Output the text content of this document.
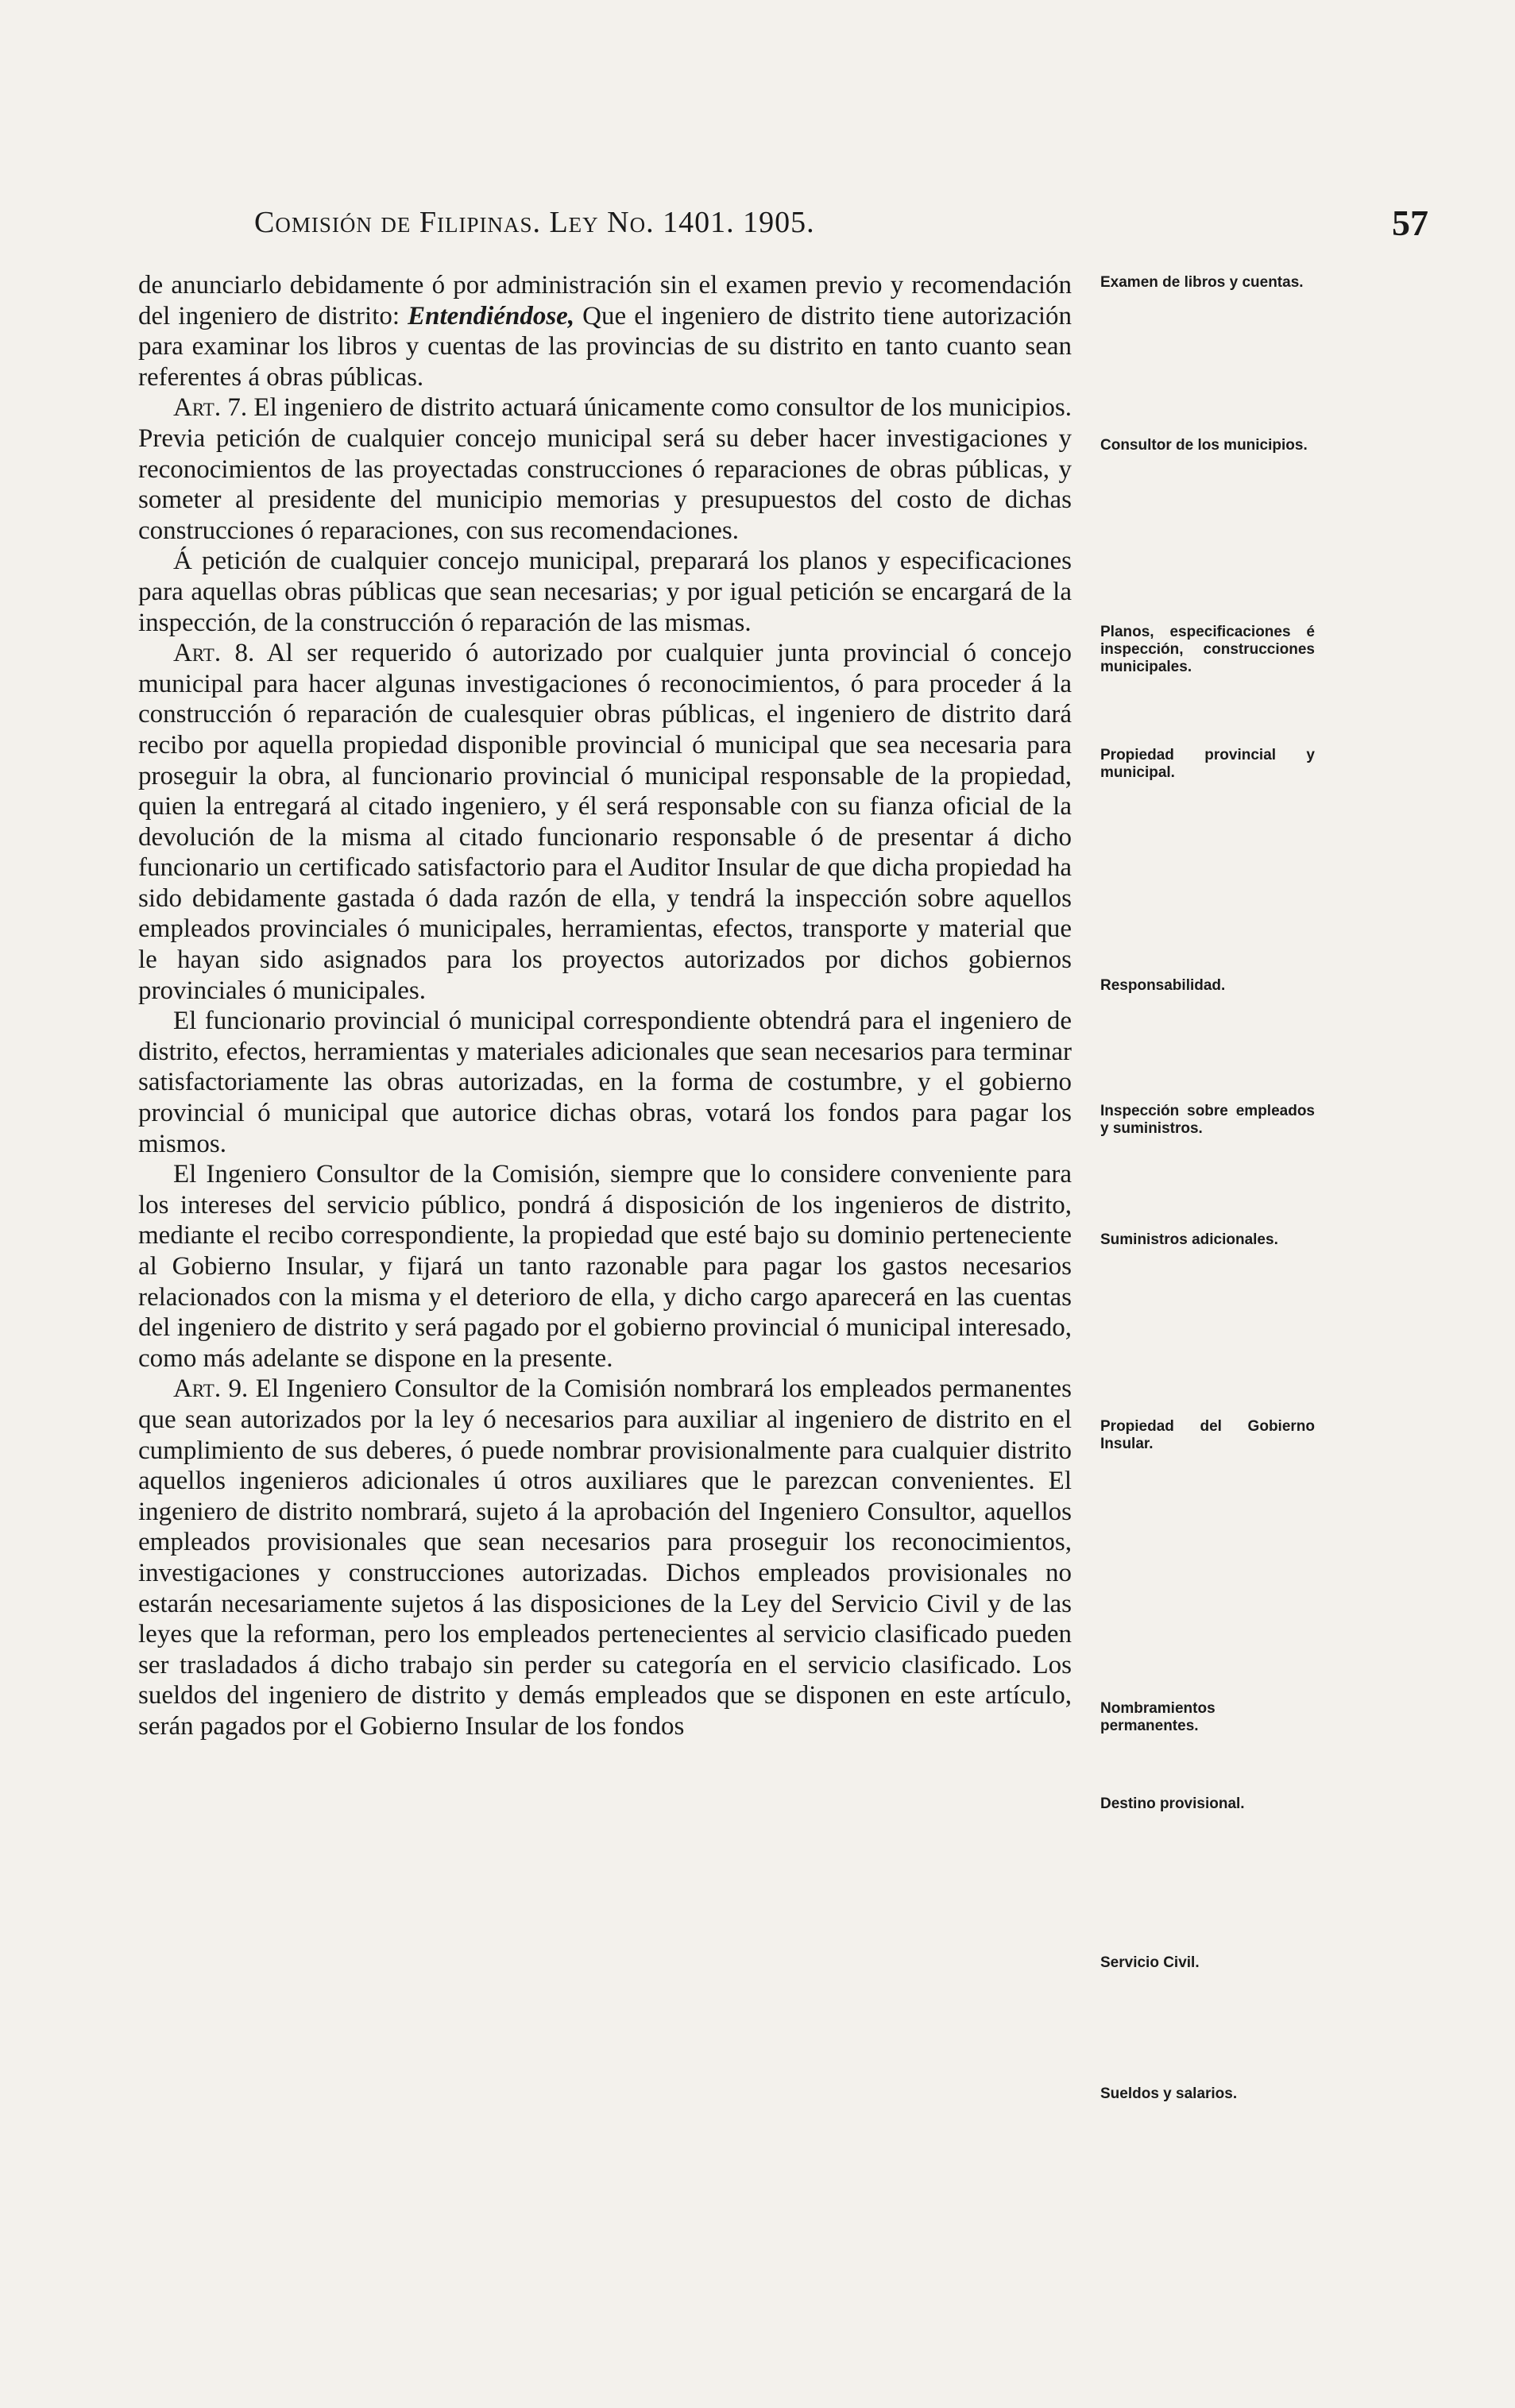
Comisión de Filipinas. Ley No. 1401. 1905.	57

de anunciarlo debidamente ó por administración sin el examen previo y recomendación del ingeniero de distrito: Entendiéndose, Que el ingeniero de distrito tiene autorización para examinar los libros y cuentas de las provincias de su distrito en tanto cuanto sean referentes á obras públicas.

Art. 7. El ingeniero de distrito actuará únicamente como consultor de los municipios. Previa petición de cualquier concejo municipal será su deber hacer investigaciones y reconocimientos de las proyectadas construcciones ó reparaciones de obras públicas, y someter al presidente del municipio memorias y presupuestos del costo de dichas construcciones ó reparaciones, con sus recomendaciones.

Á petición de cualquier concejo municipal, preparará los planos y especificaciones para aquellas obras públicas que sean necesarias; y por igual petición se encargará de la inspección, de la construcción ó reparación de las mismas.

Art. 8. Al ser requerido ó autorizado por cualquier junta provincial ó concejo municipal para hacer algunas investigaciones ó reconocimientos, ó para proceder á la construcción ó reparación de cualesquier obras públicas, el ingeniero de distrito dará recibo por aquella propiedad disponible provincial ó municipal que sea necesaria para proseguir la obra, al funcionario provincial ó municipal responsable de la propiedad, quien la entregará al citado ingeniero, y él será responsable con su fianza oficial de la devolución de la misma al citado funcionario responsable ó de presentar á dicho funcionario un certificado satisfactorio para el Auditor Insular de que dicha propiedad ha sido debidamente gastada ó dada razón de ella, y tendrá la inspección sobre aquellos empleados provinciales ó municipales, herramientas, efectos, transporte y material que le hayan sido asignados para los proyectos autorizados por dichos gobiernos provinciales ó municipales.

El funcionario provincial ó municipal correspondiente obtendrá para el ingeniero de distrito, efectos, herramientas y materiales adicionales que sean necesarios para terminar satisfactoriamente las obras autorizadas, en la forma de costumbre, y el gobierno provincial ó municipal que autorice dichas obras, votará los fondos para pagar los mismos.

El Ingeniero Consultor de la Comisión, siempre que lo considere conveniente para los intereses del servicio público, pondrá á disposición de los ingenieros de distrito, mediante el recibo correspondiente, la propiedad que esté bajo su dominio perteneciente al Gobierno Insular, y fijará un tanto razonable para pagar los gastos necesarios relacionados con la misma y el deterioro de ella, y dicho cargo aparecerá en las cuentas del ingeniero de distrito y será pagado por el gobierno provincial ó municipal interesado, como más adelante se dispone en la presente.

Art. 9. El Ingeniero Consultor de la Comisión nombrará los empleados permanentes que sean autorizados por la ley ó necesarios para auxiliar al ingeniero de distrito en el cumplimiento de sus deberes, ó puede nombrar provisionalmente para cualquier distrito aquellos ingenieros adicionales ú otros auxiliares que le parezcan convenientes. El ingeniero de distrito nombrará, sujeto á la aprobación del Ingeniero Consultor, aquellos empleados provisionales que sean necesarios para proseguir los reconocimientos, investigaciones y construcciones autorizadas. Dichos empleados provisionales no estarán necesariamente sujetos á las disposiciones de la Ley del Servicio Civil y de las leyes que la reforman, pero los empleados pertenecientes al servicio clasificado pueden ser trasladados á dicho trabajo sin perder su categoría en el servicio clasificado. Los sueldos del ingeniero de distrito y demás empleados que se disponen en este artículo, serán pagados por el Gobierno Insular de los fondos

Examen de libros y cuentas.
Consultor de los municipios.
Planos, especificaciones é inspección, construcciones municipales.
Propiedad provincial y municipal.
Responsabilidad.
Inspección sobre empleados y suministros.
Suministros adicionales.
Propiedad del Gobierno Insular.
Nombramientos permanentes.
Destino provisional.
Servicio Civil.
Sueldos y salarios.
